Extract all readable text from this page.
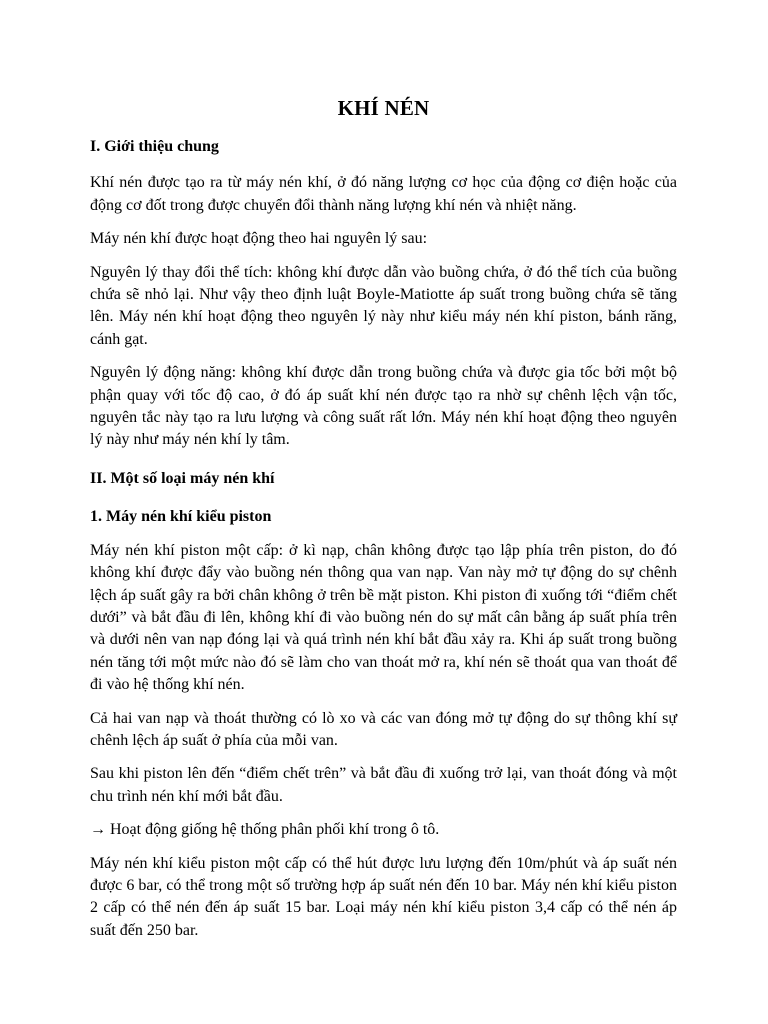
KHÍ NÉN
I. Giới thiệu chung

Khí nén được tạo ra từ máy nén khí, ở đó năng lượng cơ học của động cơ điện hoặc của động cơ đốt trong được chuyển đổi thành năng lượng khí nén và nhiệt năng.

Máy nén khí được hoạt động theo hai nguyên lý sau:

Nguyên lý thay đổi thể tích: không khí được dẫn vào buồng chứa, ở đó thể tích của buồng chứa sẽ nhỏ lại. Như vậy theo định luật Boyle-Matiotte áp suất trong buồng chứa sẽ tăng lên. Máy nén khí hoạt động theo nguyên lý này như kiểu máy nén khí piston, bánh răng, cánh gạt.

Nguyên lý động năng: không khí được dẫn trong buồng chứa và được gia tốc bởi một bộ phận quay với tốc độ cao, ở đó áp suất khí nén được tạo ra nhờ sự chênh lệch vận tốc, nguyên tắc này tạo ra lưu lượng và công suất rất lớn. Máy nén khí hoạt động theo nguyên lý này như máy nén khí ly tâm.

II. Một số loại máy nén khí
1. Máy nén khí kiểu piston

Máy nén khí piston một cấp: ở kì nạp, chân không được tạo lập phía trên piston, do đó không khí được đẩy vào buồng nén thông qua van nạp. Van này mở tự động do sự chênh lệch áp suất gây ra bởi chân không ở trên bề mặt piston. Khi piston đi xuống tới “điểm chết dưới” và bắt đầu đi lên, không khí đi vào buồng nén do sự mất cân bằng áp suất phía trên và dưới nên van nạp đóng lại và quá trình nén khí bắt đầu xảy ra. Khi áp suất trong buồng nén tăng tới một mức nào đó sẽ làm cho van thoát mở ra, khí nén sẽ thoát qua van thoát để đi vào hệ thống khí nén.

Cả hai van nạp và thoát thường có lò xo và các van đóng mở tự động do sự thông khí sự chênh lệch áp suất ở phía của mỗi van.

Sau khi piston lên đến “điểm chết trên” và bắt đầu đi xuống trở lại, van thoát đóng và một chu trình nén khí mới bắt đầu.

→ Hoạt động giống hệ thống phân phối khí trong ô tô.

Máy nén khí kiểu piston một cấp có thể hút được lưu lượng đến 10m/phút và áp suất nén được 6 bar, có thể trong một số trường hợp áp suất nén đến 10 bar. Máy nén khí kiểu piston 2 cấp có thể nén đến áp suất 15 bar. Loại máy nén khí kiểu piston 3,4 cấp có thể nén áp suất đến 250 bar.
